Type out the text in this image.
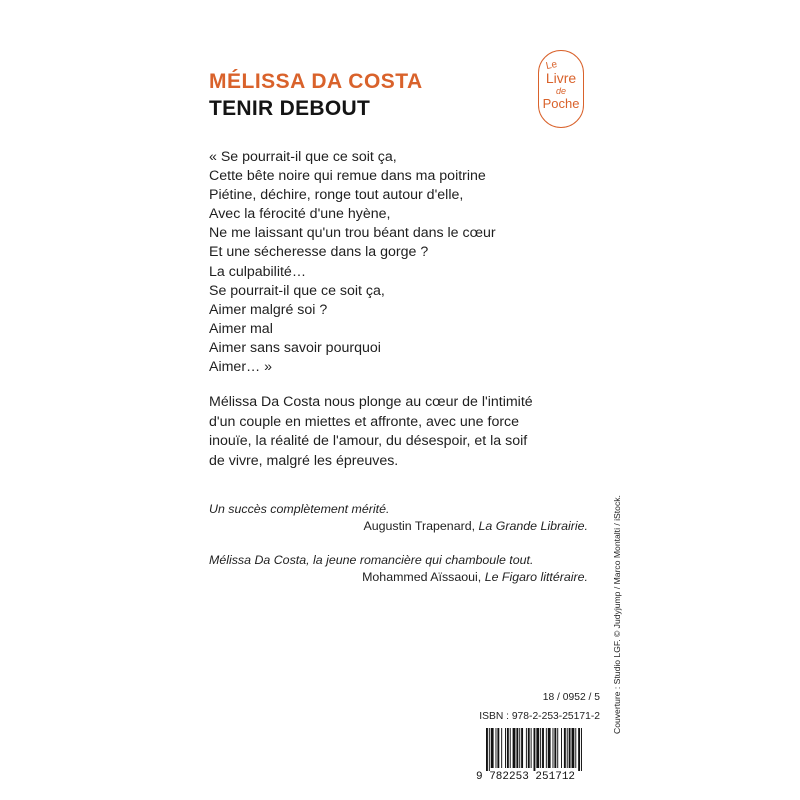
MÉLISSA DA COSTA
TENIR DEBOUT
Le
Livre
de
Poche
« Se pourrait-il que ce soit ça,
Cette bête noire qui remue dans ma poitrine
Piétine, déchire, ronge tout autour d'elle,
Avec la férocité d'une hyène,
Ne me laissant qu'un trou béant dans le cœur
Et une sécheresse dans la gorge ?
La culpabilité…
Se pourrait-il que ce soit ça,
Aimer malgré soi ?
Aimer mal
Aimer sans savoir pourquoi
Aimer… »

Mélissa Da Costa nous plonge au cœur de l'intimité
d'un couple en miettes et affronte, avec une force
inouïe, la réalité de l'amour, du désespoir, et la soif
de vivre, malgré les épreuves.

Un succès complètement mérité.
Augustin Trapenard, La Grande Librairie.
Mélissa Da Costa, la jeune romancière qui chamboule tout.
Mohammed Aïssaoui, Le Figaro littéraire.	Couverture : Studio LGF. © Judyjump / Marco Montalti / iStock.
18 / 0952 / 5
ISBN : 978-2-253-25171-2
9 782253 251712
